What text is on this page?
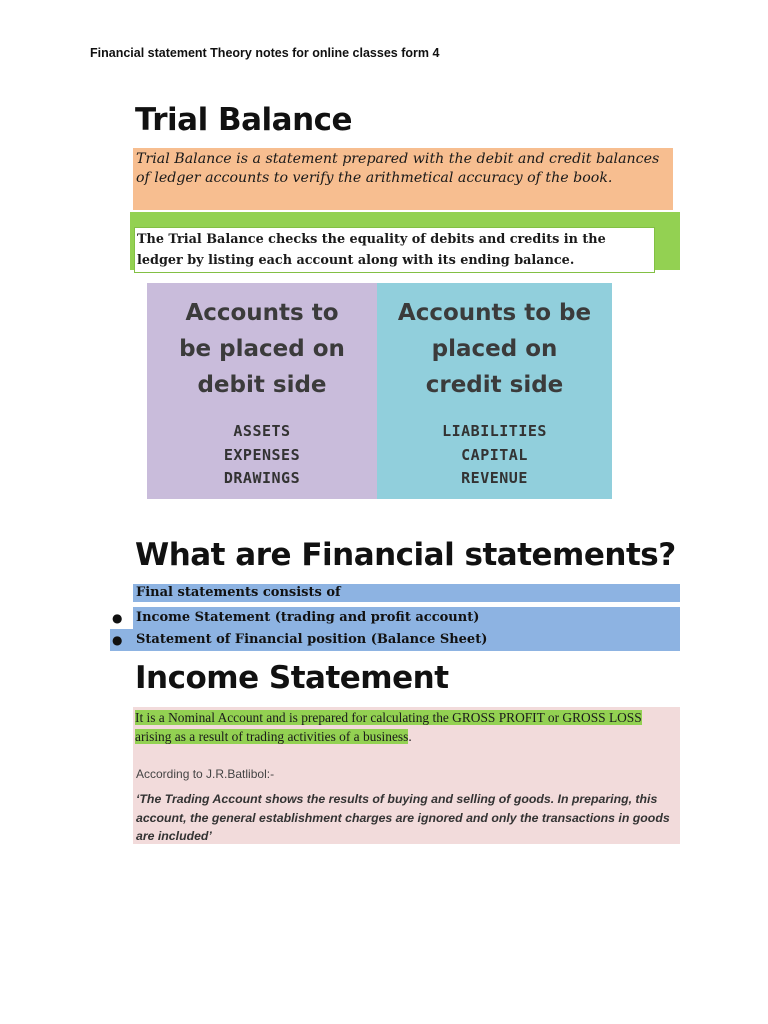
Financial statement Theory notes for online classes form 4
Trial Balance
Trial Balance is a statement prepared with the debit and credit balances of ledger accounts to verify the arithmetical accuracy of the book.
The Trial Balance checks the equality of debits and credits in the ledger by listing each account along with its ending balance.
Accounts to
be placed on
debit side
ASSETS
EXPENSES
DRAWINGS
Accounts to be
placed on
credit side
LIABILITIES
CAPITAL
REVENUE
What are Financial statements?
Final statements consists of
● Income Statement (trading and profit account)
● Statement of Financial position (Balance Sheet)
Income Statement
It is a Nominal Account and is prepared for calculating the GROSS PROFIT or GROSS LOSS arising as a result of trading activities of a business.
According to J.R.Batlibol:-
‘The Trading Account shows the results of buying and selling of goods. In preparing, this account, the general establishment charges are ignored and only the transactions in goods are included’
